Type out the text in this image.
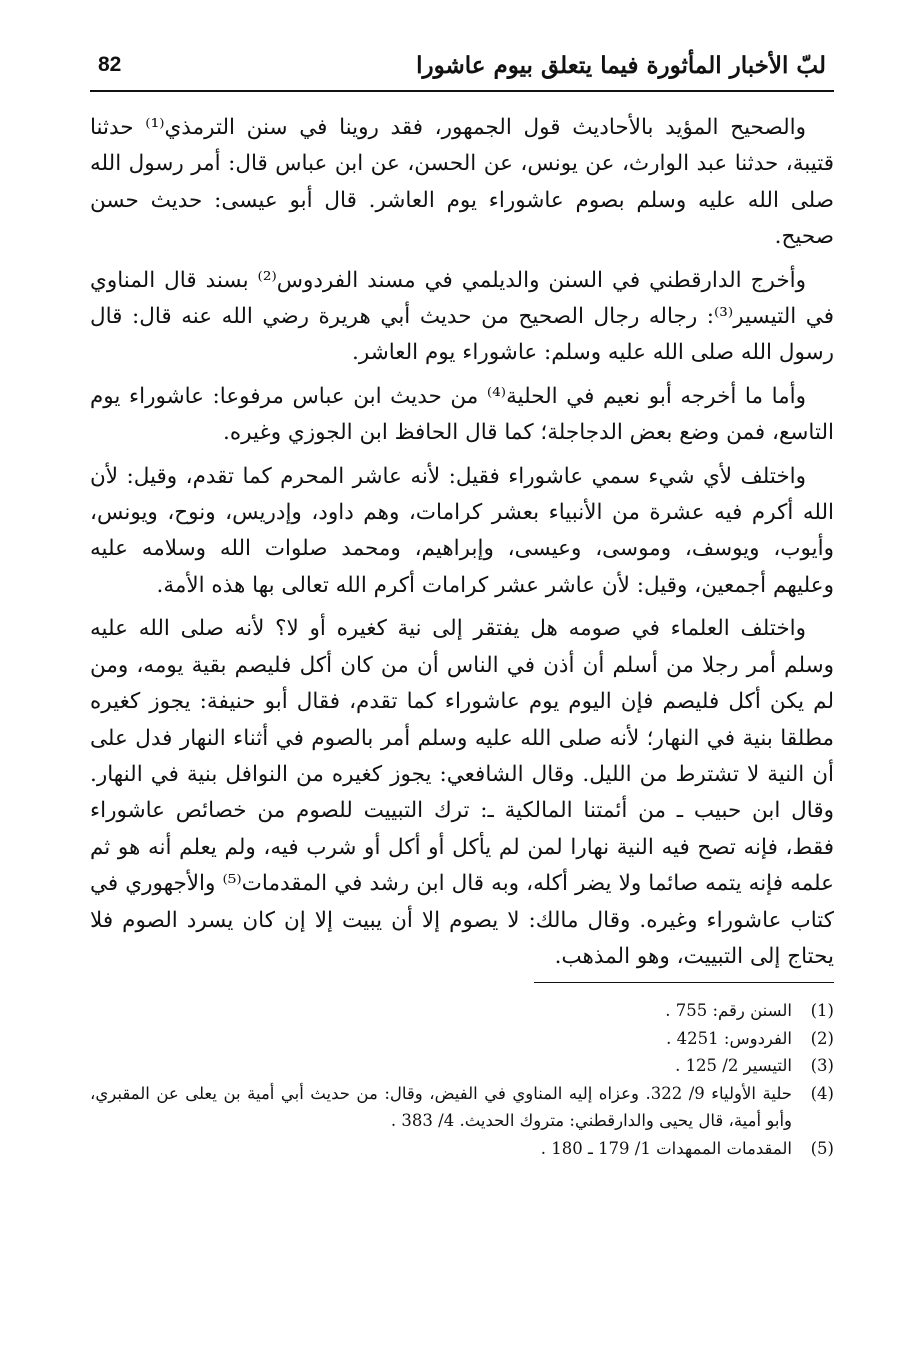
لبّ الأخبار المأثورة فيما يتعلق بيوم عاشورا
82

والصحيح المؤيد بالأحاديث قول الجمهور، فقد روينا في سنن الترمذي⁽¹⁾ حدثنا قتيبة، حدثنا عبد الوارث، عن يونس، عن الحسن، عن ابن عباس قال: أمر رسول الله صلى الله عليه وسلم بصوم عاشوراء يوم العاشر. قال أبو عيسى: حديث حسن صحيح.

وأخرج الدارقطني في السنن والديلمي في مسند الفردوس⁽²⁾ بسند قال المناوي في التيسير⁽³⁾: رجاله رجال الصحيح من حديث أبي هريرة رضي الله عنه قال: قال رسول الله صلى الله عليه وسلم: عاشوراء يوم العاشر.

وأما ما أخرجه أبو نعيم في الحلية⁽⁴⁾ من حديث ابن عباس مرفوعا: عاشوراء يوم التاسع، فمن وضع بعض الدجاجلة؛ كما قال الحافظ ابن الجوزي وغيره.

واختلف لأي شيء سمي عاشوراء فقيل: لأنه عاشر المحرم كما تقدم، وقيل: لأن الله أكرم فيه عشرة من الأنبياء بعشر كرامات، وهم داود، وإدريس، ونوح، ويونس، وأيوب، ويوسف، وموسى، وعيسى، وإبراهيم، ومحمد صلوات الله وسلامه عليه وعليهم أجمعين، وقيل: لأن عاشر عشر كرامات أكرم الله تعالى بها هذه الأمة.

واختلف العلماء في صومه هل يفتقر إلى نية كغيره أو لا؟ لأنه صلى الله عليه وسلم أمر رجلا من أسلم أن أذن في الناس أن من كان أكل فليصم بقية يومه، ومن لم يكن أكل فليصم فإن اليوم يوم عاشوراء كما تقدم، فقال أبو حنيفة: يجوز كغيره مطلقا بنية في النهار؛ لأنه صلى الله عليه وسلم أمر بالصوم في أثناء النهار فدل على أن النية لا تشترط من الليل. وقال الشافعي: يجوز كغيره من النوافل بنية في النهار. وقال ابن حبيب ـ من أئمتنا المالكية ـ: ترك التبييت للصوم من خصائص عاشوراء فقط، فإنه تصح فيه النية نهارا لمن لم يأكل أو أكل أو شرب فيه، ولم يعلم أنه هو ثم علمه فإنه يتمه صائما ولا يضر أكله، وبه قال ابن رشد في المقدمات⁽⁵⁾ والأجهوري في كتاب عاشوراء وغيره. وقال مالك: لا يصوم إلا أن يبيت إلا إن كان يسرد الصوم فلا يحتاج إلى التبييت، وهو المذهب.

(1)
السنن رقم: 755 .
(2)
الفردوس: 4251 .
(3)
التيسير 2/ 125 .
(4)
حلية الأولياء 9/ 322. وعزاه إليه المناوي في الفيض، وقال: من حديث أبي أمية بن يعلى عن المقبري، وأبو أمية، قال يحيى والدارقطني: متروك الحديث. 4/ 383 .
(5)
المقدمات الممهدات 1/ 179 ـ 180 .
